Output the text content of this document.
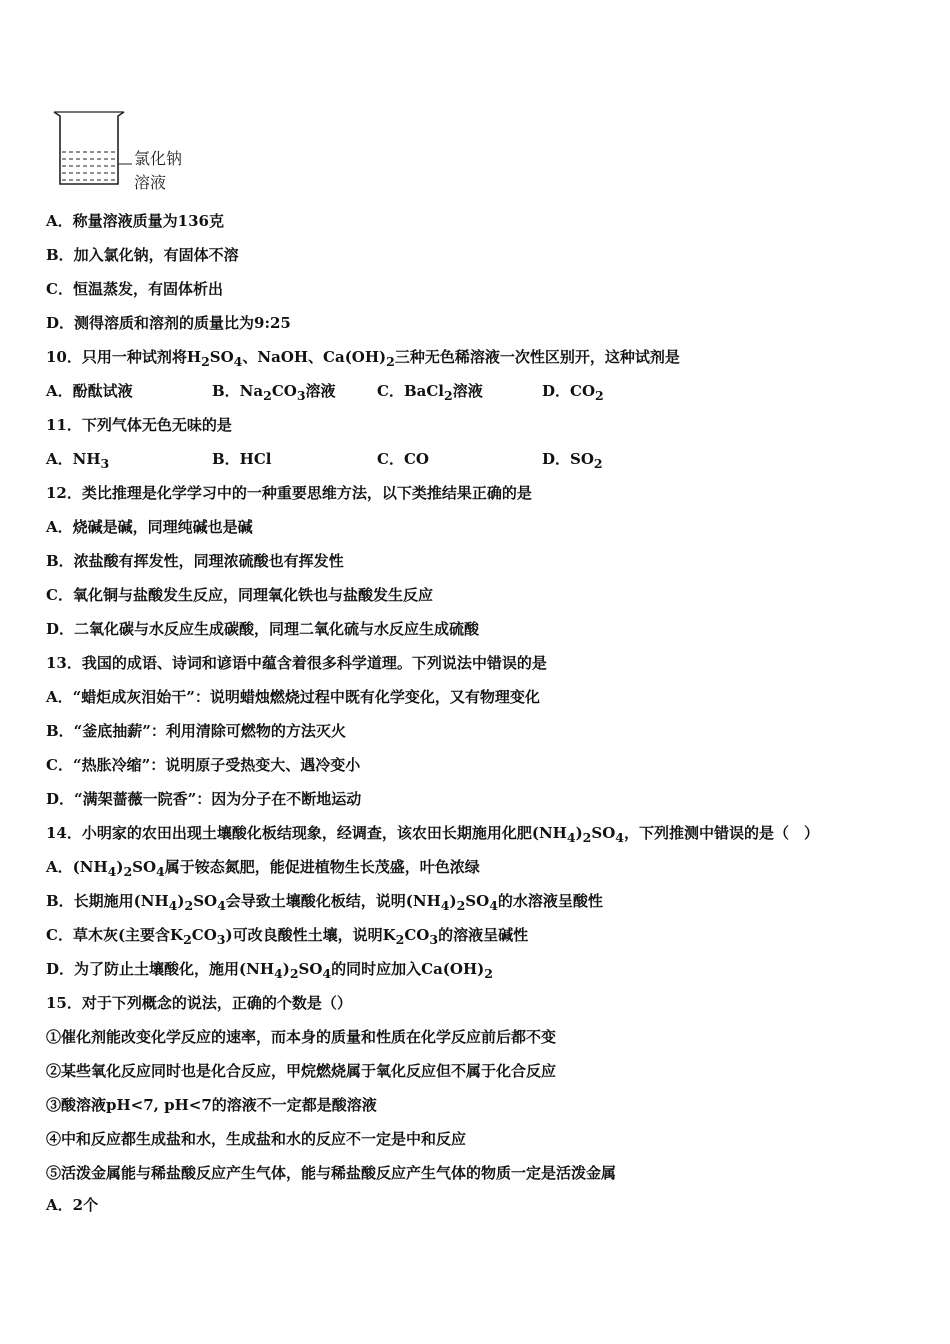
氯化钠
溶液
A．称量溶液质量为136克
B．加入氯化钠，有固体不溶
C．恒温蒸发，有固体析出
D．测得溶质和溶剂的质量比为9:25
10．只用一种试剂将$H_2SO_4$、NaOH、$Ca(OH)_2$三种无色稀溶液一次性区别开，这种试剂是
A．酚酞试液	B．$Na_2CO_3$溶液	C．BaCl$_2$溶液	D．$CO_2$
11．下列气体无色无味的是
A．$NH_3$	B．HCl	C．CO	D．$SO_2$
12．类比推理是化学学习中的一种重要思维方法，以下类推结果正确的是
A．烧碱是碱，同理纯碱也是碱
B．浓盐酸有挥发性，同理浓硫酸也有挥发性
C．氧化铜与盐酸发生反应，同理氧化铁也与盐酸发生反应
D．二氧化碳与水反应生成碳酸，同理二氧化硫与水反应生成硫酸
13．我国的成语、诗词和谚语中蕴含着很多科学道理。下列说法中错误的是
A．“蜡炬成灰泪始干”：说明蜡烛燃烧过程中既有化学变化，又有物理变化
B．“釜底抽薪”：利用清除可燃物的方法灭火
C．“热胀冷缩”：说明原子受热变大、遇冷变小
D．“满架蔷薇一院香”：因为分子在不断地运动
14．小明家的农田出现土壤酸化板结现象，经调查，该农田长期施用化肥$(NH_4)_2SO_4$，下列推测中错误的是（　）
A．$(NH_4)_2SO_4$属于铵态氮肥，能促进植物生长茂盛，叶色浓绿
B．长期施用$(NH_4)_2SO_4$会导致土壤酸化板结，说明$(NH_4)_2SO_4$的水溶液呈酸性
C．草木灰(主要含$K_2CO_3$)可改良酸性土壤，说明$K_2CO_3$的溶液呈碱性
D．为了防止土壤酸化，施用$(NH_4)_2SO_4$的同时应加入$Ca(OH)_2$
15．对于下列概念的说法，正确的个数是（）
①催化剂能改变化学反应的速率，而本身的质量和性质在化学反应前后都不变
②某些氧化反应同时也是化合反应，甲烷燃烧属于氧化反应但不属于化合反应
③酸溶液pH<7, pH<7的溶液不一定都是酸溶液
④中和反应都生成盐和水，生成盐和水的反应不一定是中和反应
⑤活泼金属能与稀盐酸反应产生气体，能与稀盐酸反应产生气体的物质一定是活泼金属
A．2个
